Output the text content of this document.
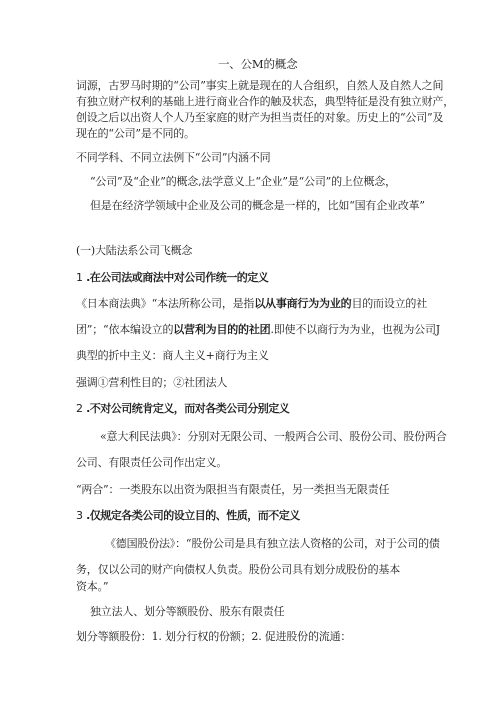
一、公M的概念
词源，古罗马时期的“公司”事实上就是现在的人合组织，自然人及自然人之间
有独立财产权利的基础上进行商业合作的触及状态，典型特征是没有独立财产，
创设之后以出资人个人乃至家庭的财产为担当责任的对象。历史上的“公司”及
现在的“公司”是不同的。
不同学科、不同立法例下“公司”内涵不同
“公司”及“企业”的概念,法学意义上“企业”是“公司”的上位概念，
但是在经济学领域中企业及公司的概念是一样的，比如“国有企业改革”
(一)大陆法系公司飞概念
1 .在公司法或商法中对公司作统一的定义
《日本商法典》“本法所称公司，是指以从事商行为为业的目的而设立的社
团”；“依本编设立的以营利为目的的社团.即使不以商行为为业，也视为公司J
典型的折中主义：商人主义+商行为主义
强调①营利性目的；②社团法人
2 .不对公司统肯定义，而对各类公司分别定义
«意大利民法典》：分别对无限公司、一般两合公司、股份公司、股份两合
公司、有限责任公司作出定义。
“两合”：一类股东以出资为限担当有限责任，另一类担当无限责任
3 .仅规定各类公司的设立目的、性质，而不定义
《德国股份法》：“股份公司是具有独立法人资格的公司，对于公司的债
务，仅以公司的财产向债权人负责。股份公司具有划分成股份的基本
资本。”
独立法人、划分等额股份、股东有限责任
划分等额股份：1. 划分行权的份额；2. 促进股份的流通：
